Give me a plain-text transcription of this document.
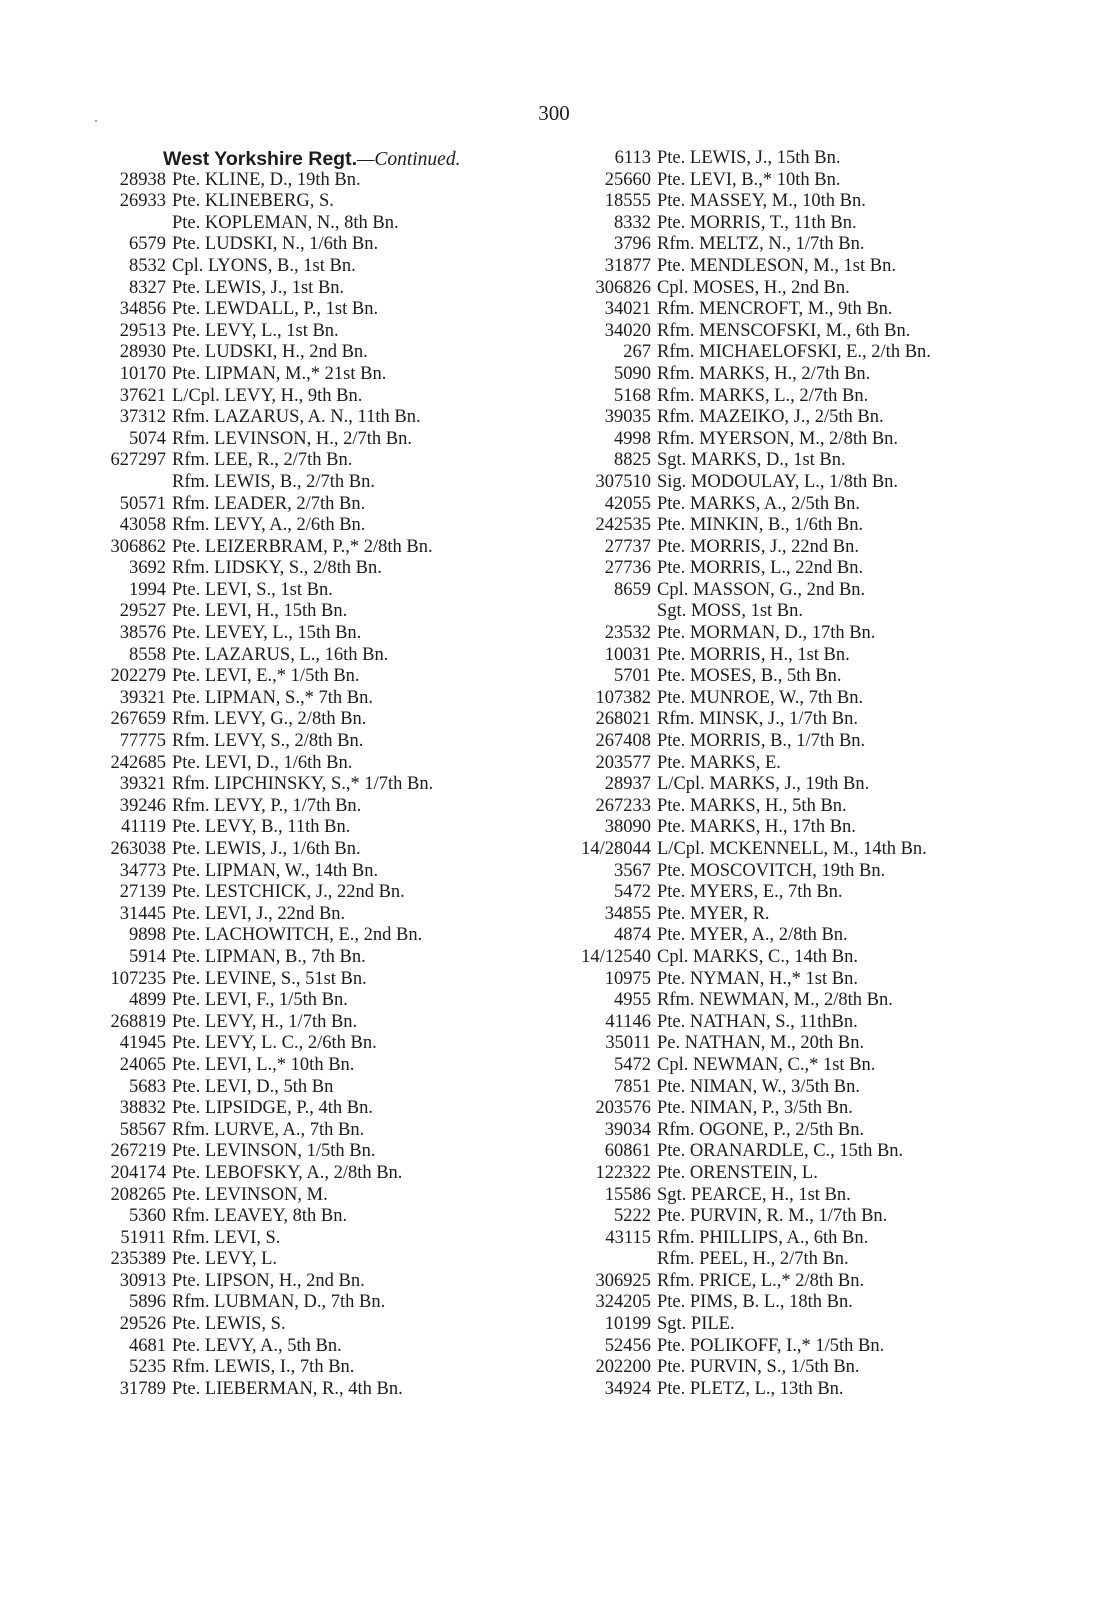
300
West Yorkshire Regt.—Continued.
28938 Pte. KLINE, D., 19th Bn.
26933 Pte. KLINEBERG, S.
Pte. KOPLEMAN, N., 8th Bn.
6579 Pte. LUDSKI, N., 1/6th Bn.
8532 Cpl. LYONS, B., 1st Bn.
8327 Pte. LEWIS, J., 1st Bn.
34856 Pte. LEWDALL, P., 1st Bn.
29513 Pte. LEVY, L., 1st Bn.
28930 Pte. LUDSKI, H., 2nd Bn.
10170 Pte. LIPMAN, M.,* 21st Bn.
37621 L/Cpl. LEVY, H., 9th Bn.
37312 Rfm. LAZARUS, A. N., 11th Bn.
5074 Rfm. LEVINSON, H., 2/7th Bn.
627297 Rfm. LEE, R., 2/7th Bn.
Rfm. LEWIS, B., 2/7th Bn.
50571 Rfm. LEADER, 2/7th Bn.
43058 Rfm. LEVY, A., 2/6th Bn.
306862 Pte. LEIZERBRAM, P.,* 2/8th Bn.
3692 Rfm. LIDSKY, S., 2/8th Bn.
1994 Pte. LEVI, S., 1st Bn.
29527 Pte. LEVI, H., 15th Bn.
38576 Pte. LEVEY, L., 15th Bn.
8558 Pte. LAZARUS, L., 16th Bn.
202279 Pte. LEVI, E.,* 1/5th Bn.
39321 Pte. LIPMAN, S.,* 7th Bn.
267659 Rfm. LEVY, G., 2/8th Bn.
77775 Rfm. LEVY, S., 2/8th Bn.
242685 Pte. LEVI, D., 1/6th Bn.
39321 Rfm. LIPCHINSKY, S.,* 1/7th Bn.
39246 Rfm. LEVY, P., 1/7th Bn.
41119 Pte. LEVY, B., 11th Bn.
263038 Pte. LEWIS, J., 1/6th Bn.
34773 Pte. LIPMAN, W., 14th Bn.
27139 Pte. LESTCHICK, J., 22nd Bn.
31445 Pte. LEVI, J., 22nd Bn.
9898 Pte. LACHOWITCH, E., 2nd Bn.
5914 Pte. LIPMAN, B., 7th Bn.
107235 Pte. LEVINE, S., 51st Bn.
4899 Pte. LEVI, F., 1/5th Bn.
268819 Pte. LEVY, H., 1/7th Bn.
41945 Pte. LEVY, L. C., 2/6th Bn.
24065 Pte. LEVI, L.,* 10th Bn.
5683 Pte. LEVI, D., 5th Bn
38832 Pte. LIPSIDGE, P., 4th Bn.
58567 Rfm. LURVE, A., 7th Bn.
267219 Pte. LEVINSON, 1/5th Bn.
204174 Pte. LEBOFSKY, A., 2/8th Bn.
208265 Pte. LEVINSON, M.
5360 Rfm. LEAVEY, 8th Bn.
51911 Rfm. LEVI, S.
235389 Pte. LEVY, L.
30913 Pte. LIPSON, H., 2nd Bn.
5896 Rfm. LUBMAN, D., 7th Bn.
29526 Pte. LEWIS, S.
4681 Pte. LEVY, A., 5th Bn.
5235 Rfm. LEWIS, I., 7th Bn.
31789 Pte. LIEBERMAN, R., 4th Bn.
6113 Pte. LEWIS, J., 15th Bn.
25660 Pte. LEVI, B.,* 10th Bn.
18555 Pte. MASSEY, M., 10th Bn.
8332 Pte. MORRIS, T., 11th Bn.
3796 Rfm. MELTZ, N., 1/7th Bn.
31877 Pte. MENDLESON, M., 1st Bn.
306826 Cpl. MOSES, H., 2nd Bn.
34021 Rfm. MENCROFT, M., 9th Bn.
34020 Rfm. MENSCOFSKI, M., 6th Bn.
267 Rfm. MICHAELOFSKI, E., 2/th Bn.
5090 Rfm. MARKS, H., 2/7th Bn.
5168 Rfm. MARKS, L., 2/7th Bn.
39035 Rfm. MAZEIKO, J., 2/5th Bn.
4998 Rfm. MYERSON, M., 2/8th Bn.
8825 Sgt. MARKS, D., 1st Bn.
307510 Sig. MODOULAY, L., 1/8th Bn.
42055 Pte. MARKS, A., 2/5th Bn.
242535 Pte. MINKIN, B., 1/6th Bn.
27737 Pte. MORRIS, J., 22nd Bn.
27736 Pte. MORRIS, L., 22nd Bn.
8659 Cpl. MASSON, G., 2nd Bn.
Sgt. MOSS, 1st Bn.
23532 Pte. MORMAN, D., 17th Bn.
10031 Pte. MORRIS, H., 1st Bn.
5701 Pte. MOSES, B., 5th Bn.
107382 Pte. MUNROE, W., 7th Bn.
268021 Rfm. MINSK, J., 1/7th Bn.
267408 Pte. MORRIS, B., 1/7th Bn.
203577 Pte. MARKS, E.
28937 L/Cpl. MARKS, J., 19th Bn.
267233 Pte. MARKS, H., 5th Bn.
38090 Pte. MARKS, H., 17th Bn.
14/28044 L/Cpl. MCKENNELL, M., 14th Bn.
3567 Pte. MOSCOVITCH, 19th Bn.
5472 Pte. MYERS, E., 7th Bn.
34855 Pte. MYER, R.
4874 Pte. MYER, A., 2/8th Bn.
14/12540 Cpl. MARKS, C., 14th Bn.
10975 Pte. NYMAN, H.,* 1st Bn.
4955 Rfm. NEWMAN, M., 2/8th Bn.
41146 Pte. NATHAN, S., 11thBn.
35011 Pe. NATHAN, M., 20th Bn.
5472 Cpl. NEWMAN, C.,* 1st Bn.
7851 Pte. NIMAN, W., 3/5th Bn.
203576 Pte. NIMAN, P., 3/5th Bn.
39034 Rfm. OGONE, P., 2/5th Bn.
60861 Pte. ORANARDLE, C., 15th Bn.
122322 Pte. ORENSTEIN, L.
15586 Sgt. PEARCE, H., 1st Bn.
5222 Pte. PURVIN, R. M., 1/7th Bn.
43115 Rfm. PHILLIPS, A., 6th Bn.
Rfm. PEEL, H., 2/7th Bn.
306925 Rfm. PRICE, L.,* 2/8th Bn.
324205 Pte. PIMS, B. L., 18th Bn.
10199 Sgt. PILE.
52456 Pte. POLIKOFF, I.,* 1/5th Bn.
202200 Pte. PURVIN, S., 1/5th Bn.
34924 Pte. PLETZ, L., 13th Bn.
